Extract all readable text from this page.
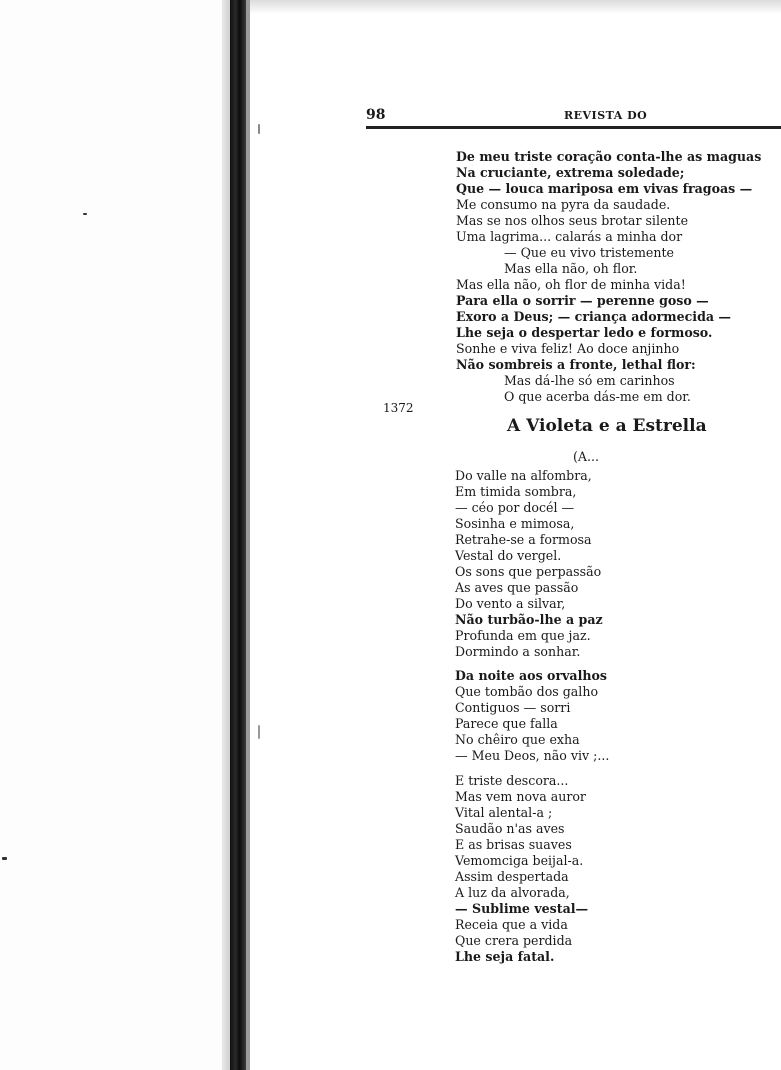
98	REVISTA DO
1372
De meu triste coração conta-lhe as maguas
Na cruciante, extrema soledade;
Que — louca mariposa em vivas fragoas —
Me consumo na pyra da saudade.
Mas se nos olhos seus brotar silente
Uma lagrima... calarás a minha dor
— Que eu vivo tristemente
Mas ella não, oh flor.
Mas ella não, oh flor de minha vida!
Para ella o sorrir — perenne goso —
Exoro a Deus; — criança adormecida —
Lhe seja o despertar ledo e formoso.
Sonhe e viva feliz! Ao doce anjinho
Não sombreis a fronte, lethal flor:
Mas dá-lhe só em carinhos
O que acerba dás-me em dor.
A Violeta e a Estrella
(A...
Do valle na alfombra,
Em timida sombra,
— céo por docél —
Sosinha e mimosa,
Retrahe-se a formosa
Vestal do vergel.
Os sons que perpassão
As aves que passão
Do vento a silvar,
Não turbão-lhe a paz
Profunda em que jaz.
Dormindo a sonhar.
Da noite aos orvalhos
Que tombão dos galho
Contiguos — sorri
Parece que falla
No chêiro que exha
— Meu Deos, não viv ;...
E triste descora...
Mas vem nova auror
Vital alental-a ;
Saudão n'as aves
E as brisas suaves
Vemomciga beijal-a.
Assim despertada
A luz da alvorada,
— Sublime vestal—
Receia que a vida
Que crera perdida
Lhe seja fatal.
